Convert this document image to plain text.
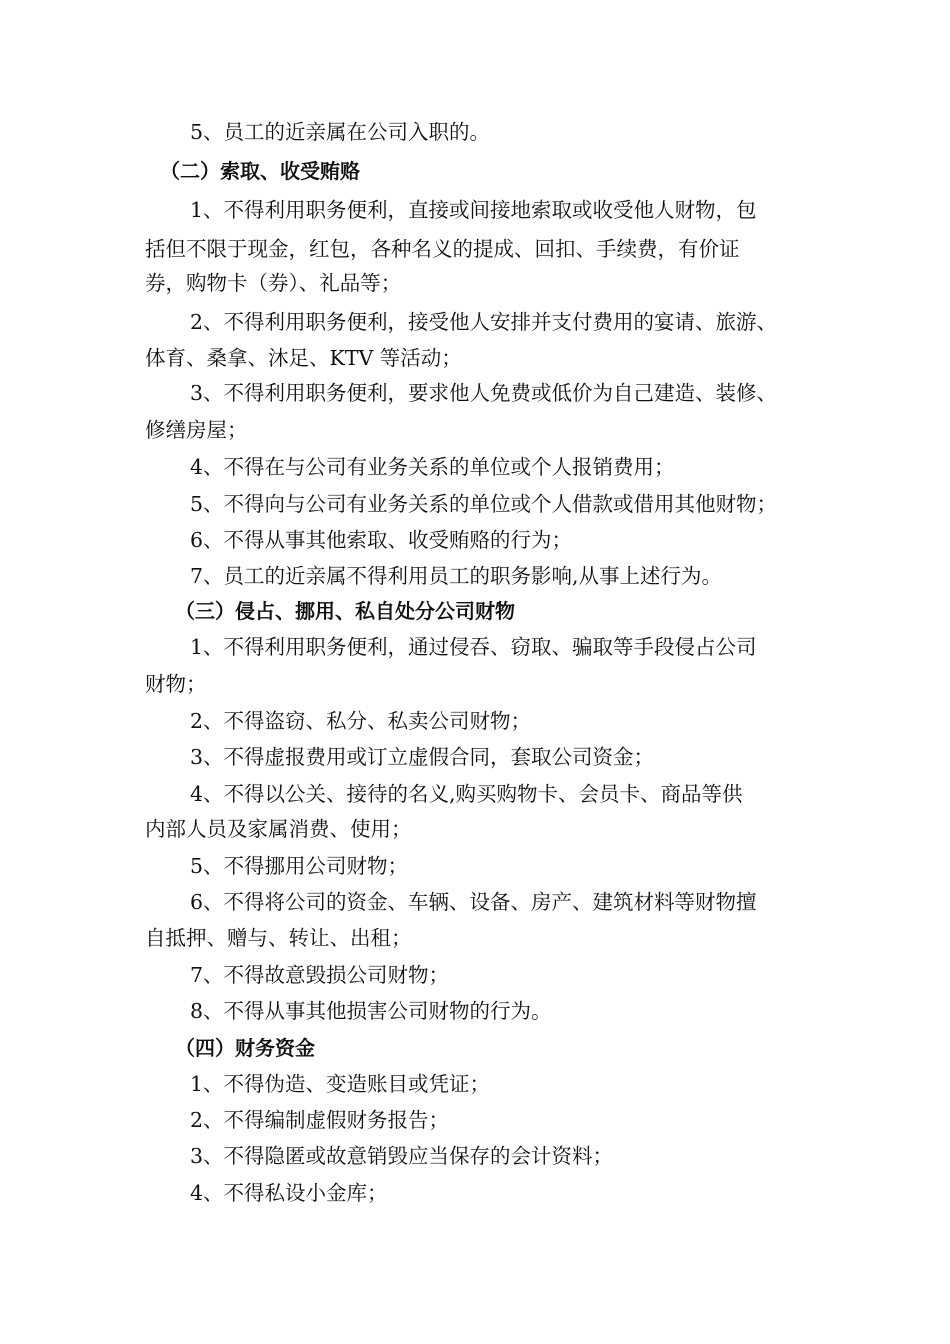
5、员工的近亲属在公司入职的。
（二）索取、收受贿赂
1、不得利用职务便利，直接或间接地索取或收受他人财物，包
括但不限于现金，红包，各种名义的提成、回扣、手续费，有价证
券，购物卡（券）、礼品等；
2、不得利用职务便利，接受他人安排并支付费用的宴请、旅游、
体育、桑拿、沐足、KTV 等活动；
3、不得利用职务便利，要求他人免费或低价为自己建造、装修、
修缮房屋；
4、不得在与公司有业务关系的单位或个人报销费用；
5、不得向与公司有业务关系的单位或个人借款或借用其他财物；
6、不得从事其他索取、收受贿赂的行为；
7、员工的近亲属不得利用员工的职务影响,从事上述行为。
（三）侵占、挪用、私自处分公司财物
1、不得利用职务便利，通过侵吞、窃取、骗取等手段侵占公司
财物；
2、不得盗窃、私分、私卖公司财物；
3、不得虚报费用或订立虚假合同，套取公司资金；
4、不得以公关、接待的名义,购买购物卡、会员卡、商品等供
内部人员及家属消费、使用；
5、不得挪用公司财物；
6、不得将公司的资金、车辆、设备、房产、建筑材料等财物擅
自抵押、赠与、转让、出租；
7、不得故意毁损公司财物；
8、不得从事其他损害公司财物的行为。
（四）财务资金
1、不得伪造、变造账目或凭证；
2、不得编制虚假财务报告；
3、不得隐匿或故意销毁应当保存的会计资料；
4、不得私设小金库；
